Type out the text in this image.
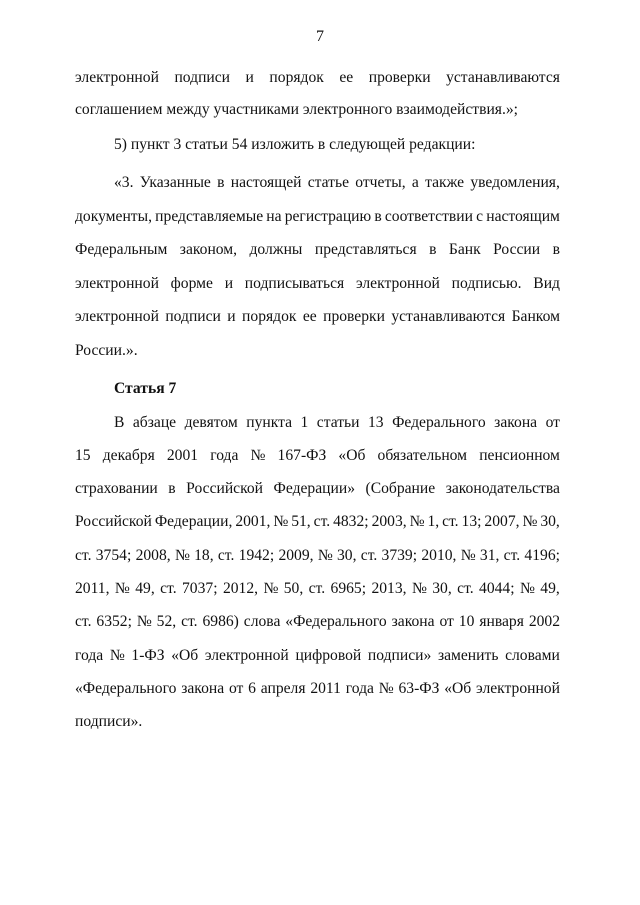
7
электронной подписи и порядок ее проверки устанавливаются
соглашением между участниками электронного взаимодействия.»;
5) пункт 3 статьи 54 изложить в следующей редакции:
«3. Указанные в настоящей статье отчеты, а также уведомления,
документы, представляемые на регистрацию в соответствии с настоящим
Федеральным законом, должны представляться в Банк России в
электронной форме и подписываться электронной подписью. Вид
электронной подписи и порядок ее проверки устанавливаются Банком
России.».
Статья 7
В абзаце девятом пункта 1 статьи 13 Федерального закона от
15 декабря 2001 года № 167-ФЗ «Об обязательном пенсионном
страховании в Российской Федерации» (Собрание законодательства
Российской Федерации, 2001, № 51, ст. 4832; 2003, № 1, ст. 13; 2007, № 30,
ст. 3754; 2008, № 18, ст. 1942; 2009, № 30, ст. 3739; 2010, № 31, ст. 4196;
2011, № 49, ст. 7037; 2012, № 50, ст. 6965; 2013, № 30, ст. 4044; № 49,
ст. 6352; № 52, ст. 6986) слова «Федерального закона от 10 января 2002
года № 1-ФЗ «Об электронной цифровой подписи» заменить словами
«Федерального закона от 6 апреля 2011 года № 63-ФЗ «Об электронной
подписи».
